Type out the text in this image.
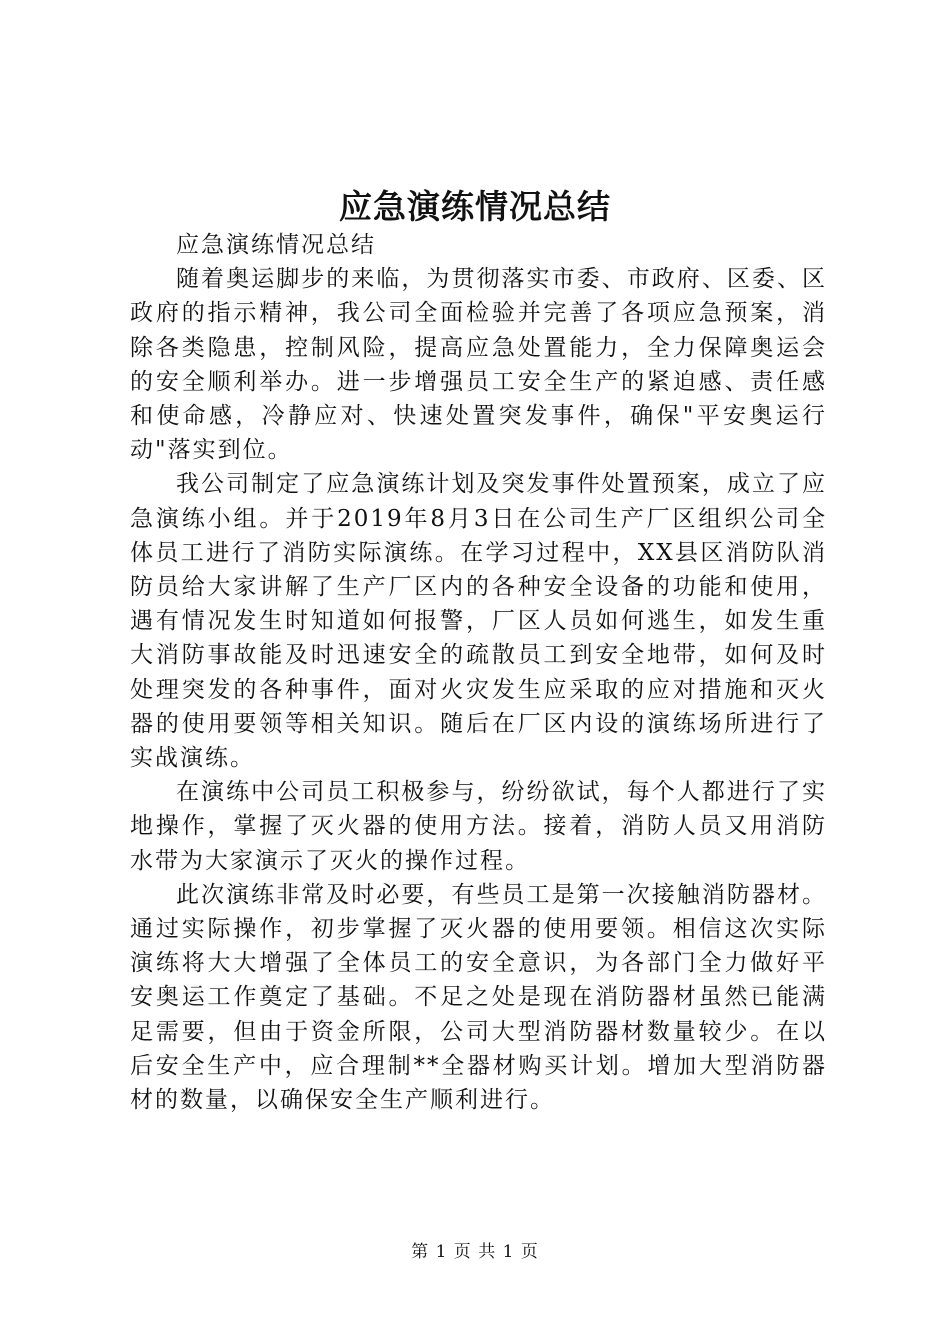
应急演练情况总结

应急演练情况总结

随着奥运脚步的来临，为贯彻落实市委、市政府、区委、区政府的指示精神，我公司全面检验并完善了各项应急预案，消除各类隐患，控制风险，提高应急处置能力，全力保障奥运会的安全顺利举办。进一步增强员工安全生产的紧迫感、责任感和使命感，冷静应对、快速处置突发事件，确保"平安奥运行动"落实到位。

我公司制定了应急演练计划及突发事件处置预案，成立了应急演练小组。并于2019年8月3日在公司生产厂区组织公司全体员工进行了消防实际演练。在学习过程中，XX县区消防队消防员给大家讲解了生产厂区内的各种安全设备的功能和使用，遇有情况发生时知道如何报警，厂区人员如何逃生，如发生重大消防事故能及时迅速安全的疏散员工到安全地带，如何及时处理突发的各种事件，面对火灾发生应采取的应对措施和灭火器的使用要领等相关知识。随后在厂区内设的演练场所进行了实战演练。

在演练中公司员工积极参与，纷纷欲试，每个人都进行了实地操作，掌握了灭火器的使用方法。接着，消防人员又用消防水带为大家演示了灭火的操作过程。

此次演练非常及时必要，有些员工是第一次接触消防器材。通过实际操作，初步掌握了灭火器的使用要领。相信这次实际演练将大大增强了全体员工的安全意识，为各部门全力做好平安奥运工作奠定了基础。不足之处是现在消防器材虽然已能满足需要，但由于资金所限，公司大型消防器材数量较少。在以后安全生产中，应合理制**全器材购买计划。增加大型消防器材的数量，以确保安全生产顺利进行。

第 1 页 共 1 页
